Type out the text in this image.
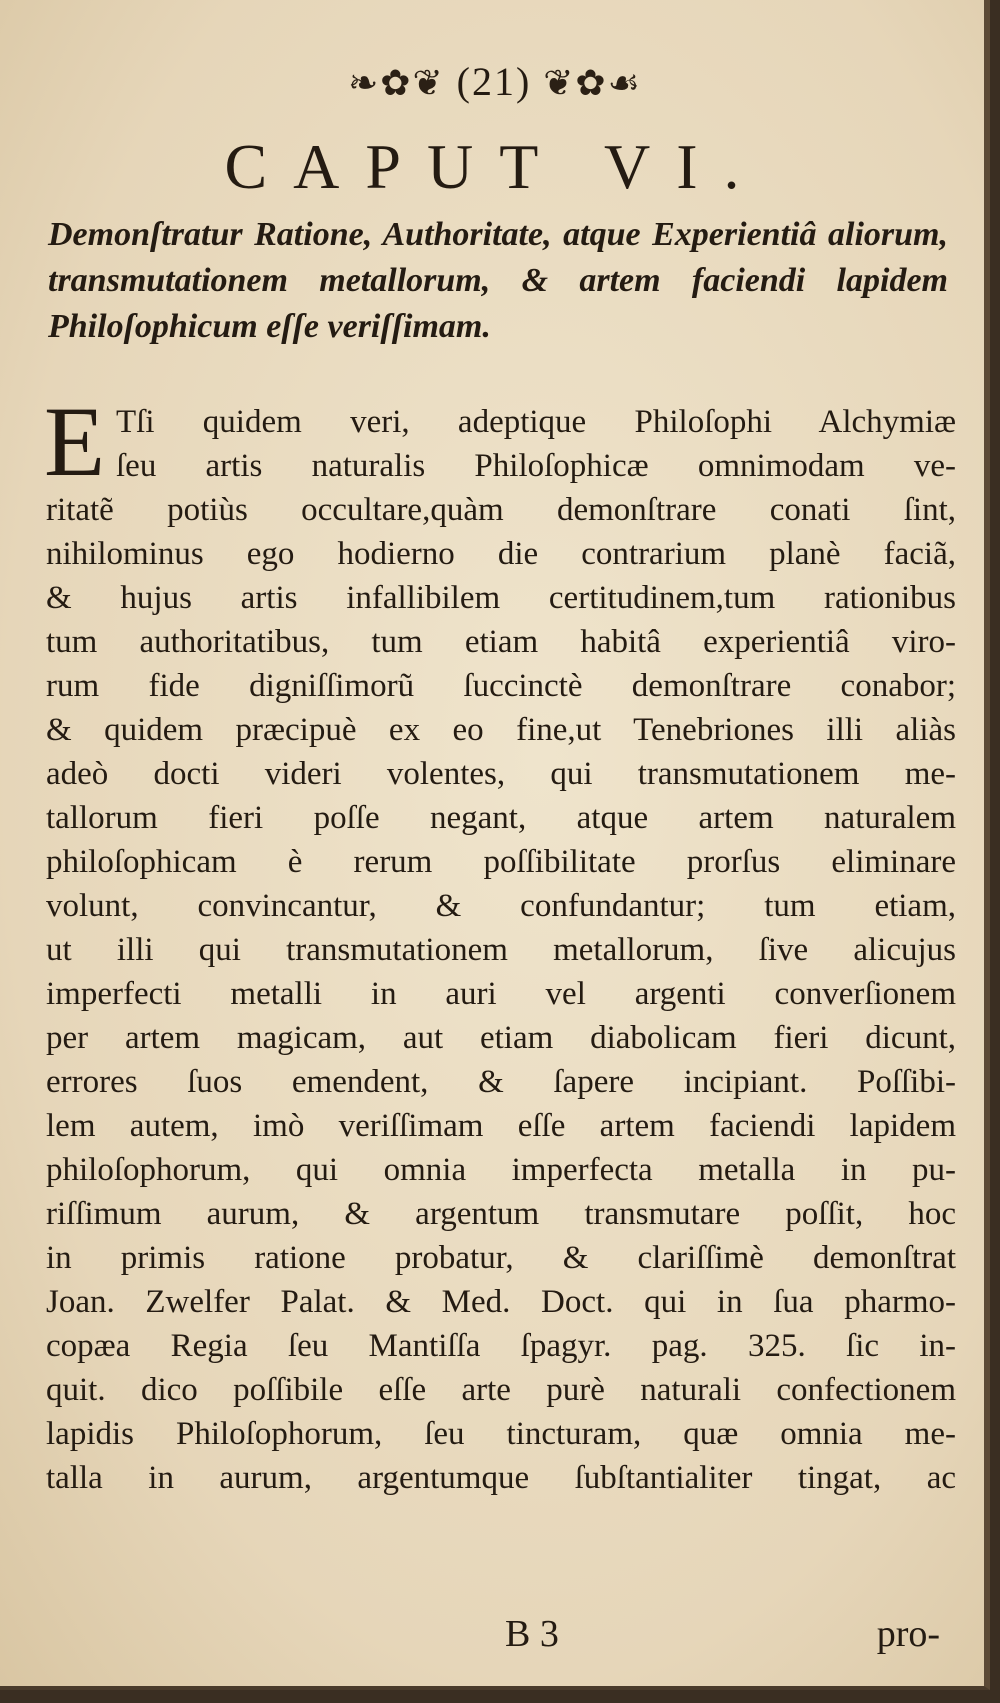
❧✿❦ (21) ❦✿☙
CAPUT VI.
Demonſtratur Ratione, Authoritate, atque Experientiâ aliorum, transmutationem metallorum, & artem faciendi lapidem Philoſophicum eſſe veriſſimam.
E Tſi quidem veri, adeptique Philoſophi Alchymiæ
ſeu artis naturalis Philoſophicæ omnimodam ve-
ritatẽ potiùs occultare,quàm demonſtrare conati ſint,
nihilominus ego hodierno die contrarium planè faciã,
& hujus artis infallibilem certitudinem,tum rationibus
tum authoritatibus, tum etiam habitâ experientiâ viro-
rum fide digniſſimorũ ſuccinctè demonſtrare conabor;
& quidem præcipuè ex eo fine,ut Tenebriones illi aliàs
adeò docti videri volentes, qui transmutationem me-
tallorum fieri poſſe negant, atque artem naturalem
philoſophicam è rerum poſſibilitate prorſus eliminare
volunt, convincantur, & confundantur; tum etiam,
ut illi qui transmutationem metallorum, ſive alicujus
imperfecti metalli in auri vel argenti converſionem
per artem magicam, aut etiam diabolicam fieri dicunt,
errores ſuos emendent, & ſapere incipiant. Poſſibi-
lem autem, imò veriſſimam eſſe artem faciendi lapidem
philoſophorum, qui omnia imperfecta metalla in pu-
riſſimum aurum, & argentum transmutare poſſit, hoc
in primis ratione probatur, & clariſſimè demonſtrat
Joan. Zwelfer Palat. & Med. Doct. qui in ſua pharmo-
copæa Regia ſeu Mantiſſa ſpagyr. pag. 325. ſic in-
quit. dico poſſibile eſſe arte purè naturali confectionem
lapidis Philoſophorum, ſeu tincturam, quæ omnia me-
talla in aurum, argentumque ſubſtantialiter tingat, ac
B 3	pro-
